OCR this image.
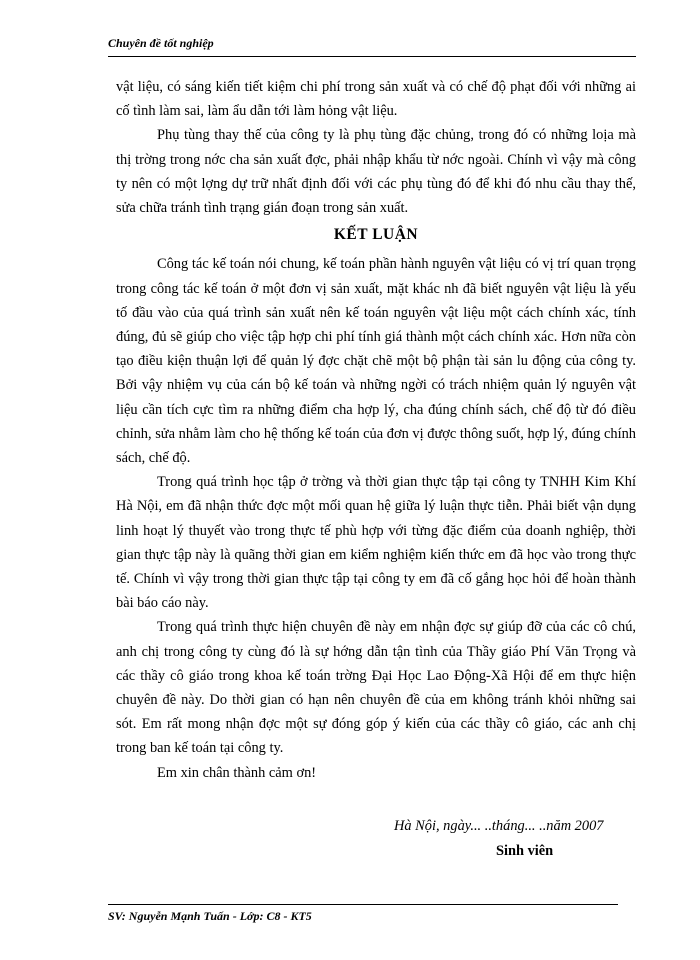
Chuyên đề tốt nghiệp

vật liệu, có sáng kiến tiết kiệm chi phí trong sản xuất và có chế độ phạt đối với những ai cố tình làm sai, làm ẩu dẫn tới làm hỏng vật liệu.

Phụ tùng thay thế của công ty là phụ tùng đặc chủng, trong đó có những loịa mà thị trờng trong nớc cha sản xuất đợc, phải nhập khẩu từ nớc ngoài. Chính vì vậy mà công ty nên có một lợng dự trữ nhất định đối với các phụ tùng đó để khi đó nhu cầu thay thế, sửa chữa tránh tình trạng gián đoạn trong sản xuất.

KẾT LUẬN

Công tác kế toán nói chung, kế toán phần hành nguyên vật liệu có vị trí quan trọng trong công tác kế toán ở một đơn vị sản xuất, mặt khác nh đã biết nguyên vật liệu là yếu tố đầu vào của quá trình sản xuất nên kế toán nguyên vật liệu một cách chính xác, tính đúng, đủ sẽ giúp cho việc tập hợp chi phí tính giá thành một cách chính xác. Hơn nữa còn tạo điều kiện thuận lợi để quản lý đợc chặt chẽ một bộ phận tài sản lu động của công ty. Bởi vậy nhiệm vụ của cán bộ kế toán và những ngời có trách nhiệm quản lý nguyên vật liệu cần tích cực tìm ra những điểm cha hợp lý, cha đúng chính sách, chế độ từ đó điều chỉnh, sửa nhằm làm cho hệ thống kế toán của đơn vị được thông suốt, hợp lý, đúng chính sách, chế độ.

Trong quá trình học tập ở trờng và thời gian thực tập tại công ty TNHH Kim Khí Hà Nội, em đã nhận thức đợc một mối quan hệ giữa lý luận thực tiễn. Phải biết vận dụng linh hoạt lý thuyết vào trong thực tế phù hợp với từng đặc điểm của doanh nghiệp, thời gian thực tập này là quãng thời gian em kiểm nghiệm kiến thức em đã học vào trong thực tế. Chính vì vậy trong thời gian thực tập tại công ty em đã cố gắng học hỏi để hoàn thành bài báo cáo này.

Trong quá trình thực hiện chuyên đề này em nhận đợc sự giúp đỡ của các cô chú, anh chị trong công ty cùng đó là sự hớng dẫn tận tình của Thầy giáo Phí Văn Trọng và các thầy cô giáo trong khoa kế toán trờng Đại Học Lao Động-Xã Hội để em thực hiện chuyên đề này. Do thời gian có hạn nên chuyên đề của em không tránh khỏi những sai sót. Em rất mong nhận đợc một sự đóng góp ý kiến của các thầy cô giáo, các anh chị trong ban kế toán tại công ty.

Em xin chân thành cảm ơn!

Hà Nội, ngày... ..tháng... ..năm 2007
Sinh viên
SV: Nguyễn Mạnh Tuấn - Lớp: C8 - KT5
